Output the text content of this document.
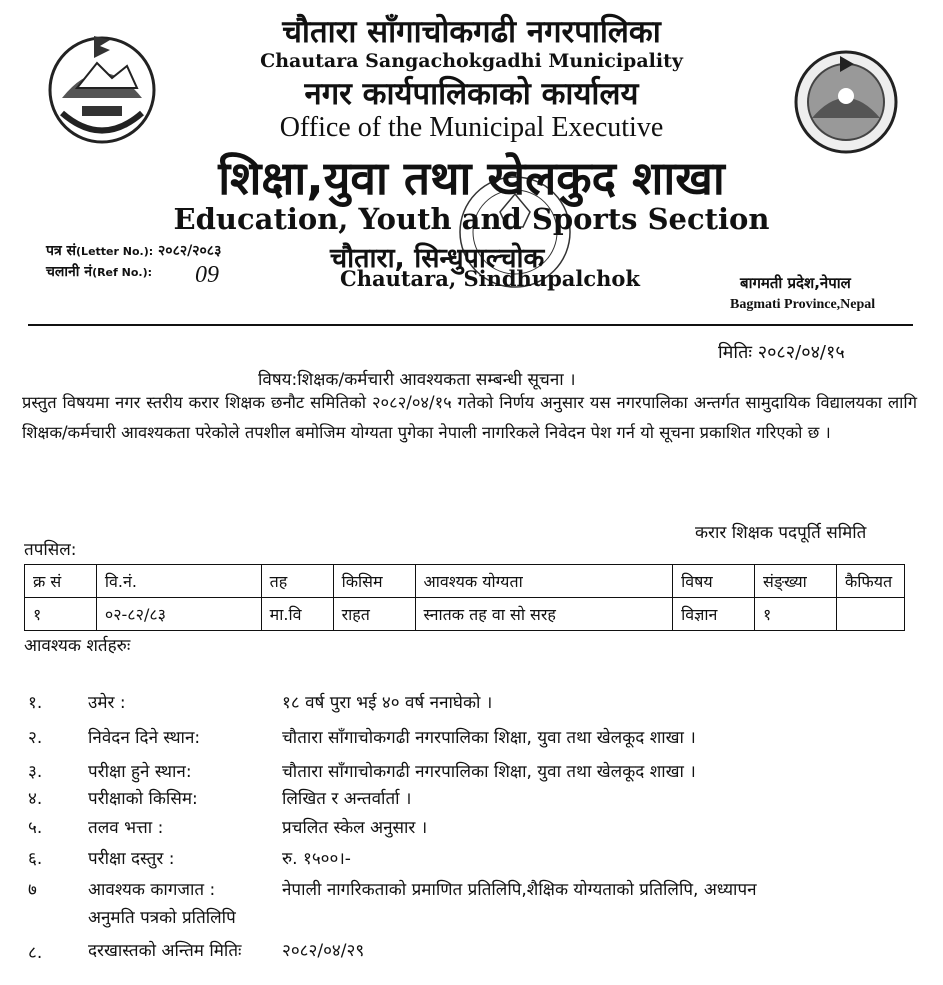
चौतारा साँगाचोकगढी नगरपालिका
Chautara Sangachokgadhi Municipality
नगर कार्यपालिकाको कार्यालय
Office of the Municipal Executive
शिक्षा,युवा तथा खेलकुद शाखा
Education, Youth and Sports Section
चौतारा, सिन्धुपाल्चोक
Chautara, Sindhupalchok
पत्र सं(Letter No.): २०८२/२०८३
चलानी नं(Ref No.): 09	बागमती प्रदेश,नेपाल
Bagmati Province,Nepal
मितिः २०८२/०४/१५
विषय:शिक्षक/कर्मचारी आवश्यकता सम्बन्धी सूचना ।
प्रस्तुत विषयमा नगर स्तरीय करार शिक्षक छनौट समितिको २०८२/०४/१५ गतेको निर्णय अनुसार यस नगरपालिका अन्तर्गत सामुदायिक विद्यालयका लागि शिक्षक/कर्मचारी आवश्यकता परेकोले तपशील बमोजिम योग्यता पुगेका नेपाली नागरिकले निवेदन पेश गर्न यो सूचना प्रकाशित गरिएको छ ।
करार शिक्षक पदपूर्ति समिति
तपसिल:
क्र सं	वि.नं.	तह	किसिम	आवश्यक योग्यता	विषय	संङ्ख्या	कैफियत
१	०२-८२/८३	मा.वि	राहत	स्नातक तह वा सो सरह	विज्ञान	१	
आवश्यक शर्तहरुः
१.	उमेर :	१८ वर्ष पुरा भई ४० वर्ष ननाघेको ।
२.	निवेदन दिने स्थान:	चौतारा साँगाचोकगढी नगरपालिका शिक्षा, युवा तथा खेलकूद शाखा ।
३.	परीक्षा हुने स्थान:	चौतारा साँगाचोकगढी नगरपालिका शिक्षा, युवा तथा खेलकूद शाखा ।
४.	परीक्षाको किसिम:	लिखित र अन्तर्वार्ता ।
५.	तलव भत्ता :	प्रचलित स्केल अनुसार ।
६.	परीक्षा दस्तुर :	रु. १५००।-
७	आवश्यक कागजात :	नेपाली नागरिकताको प्रमाणित प्रतिलिपि,शैक्षिक योग्यताको प्रतिलिपि, अध्यापन
अनुमति पत्रको प्रतिलिपि
८.	दरखास्तको अन्तिम मितिः २०८२/०४/२९
